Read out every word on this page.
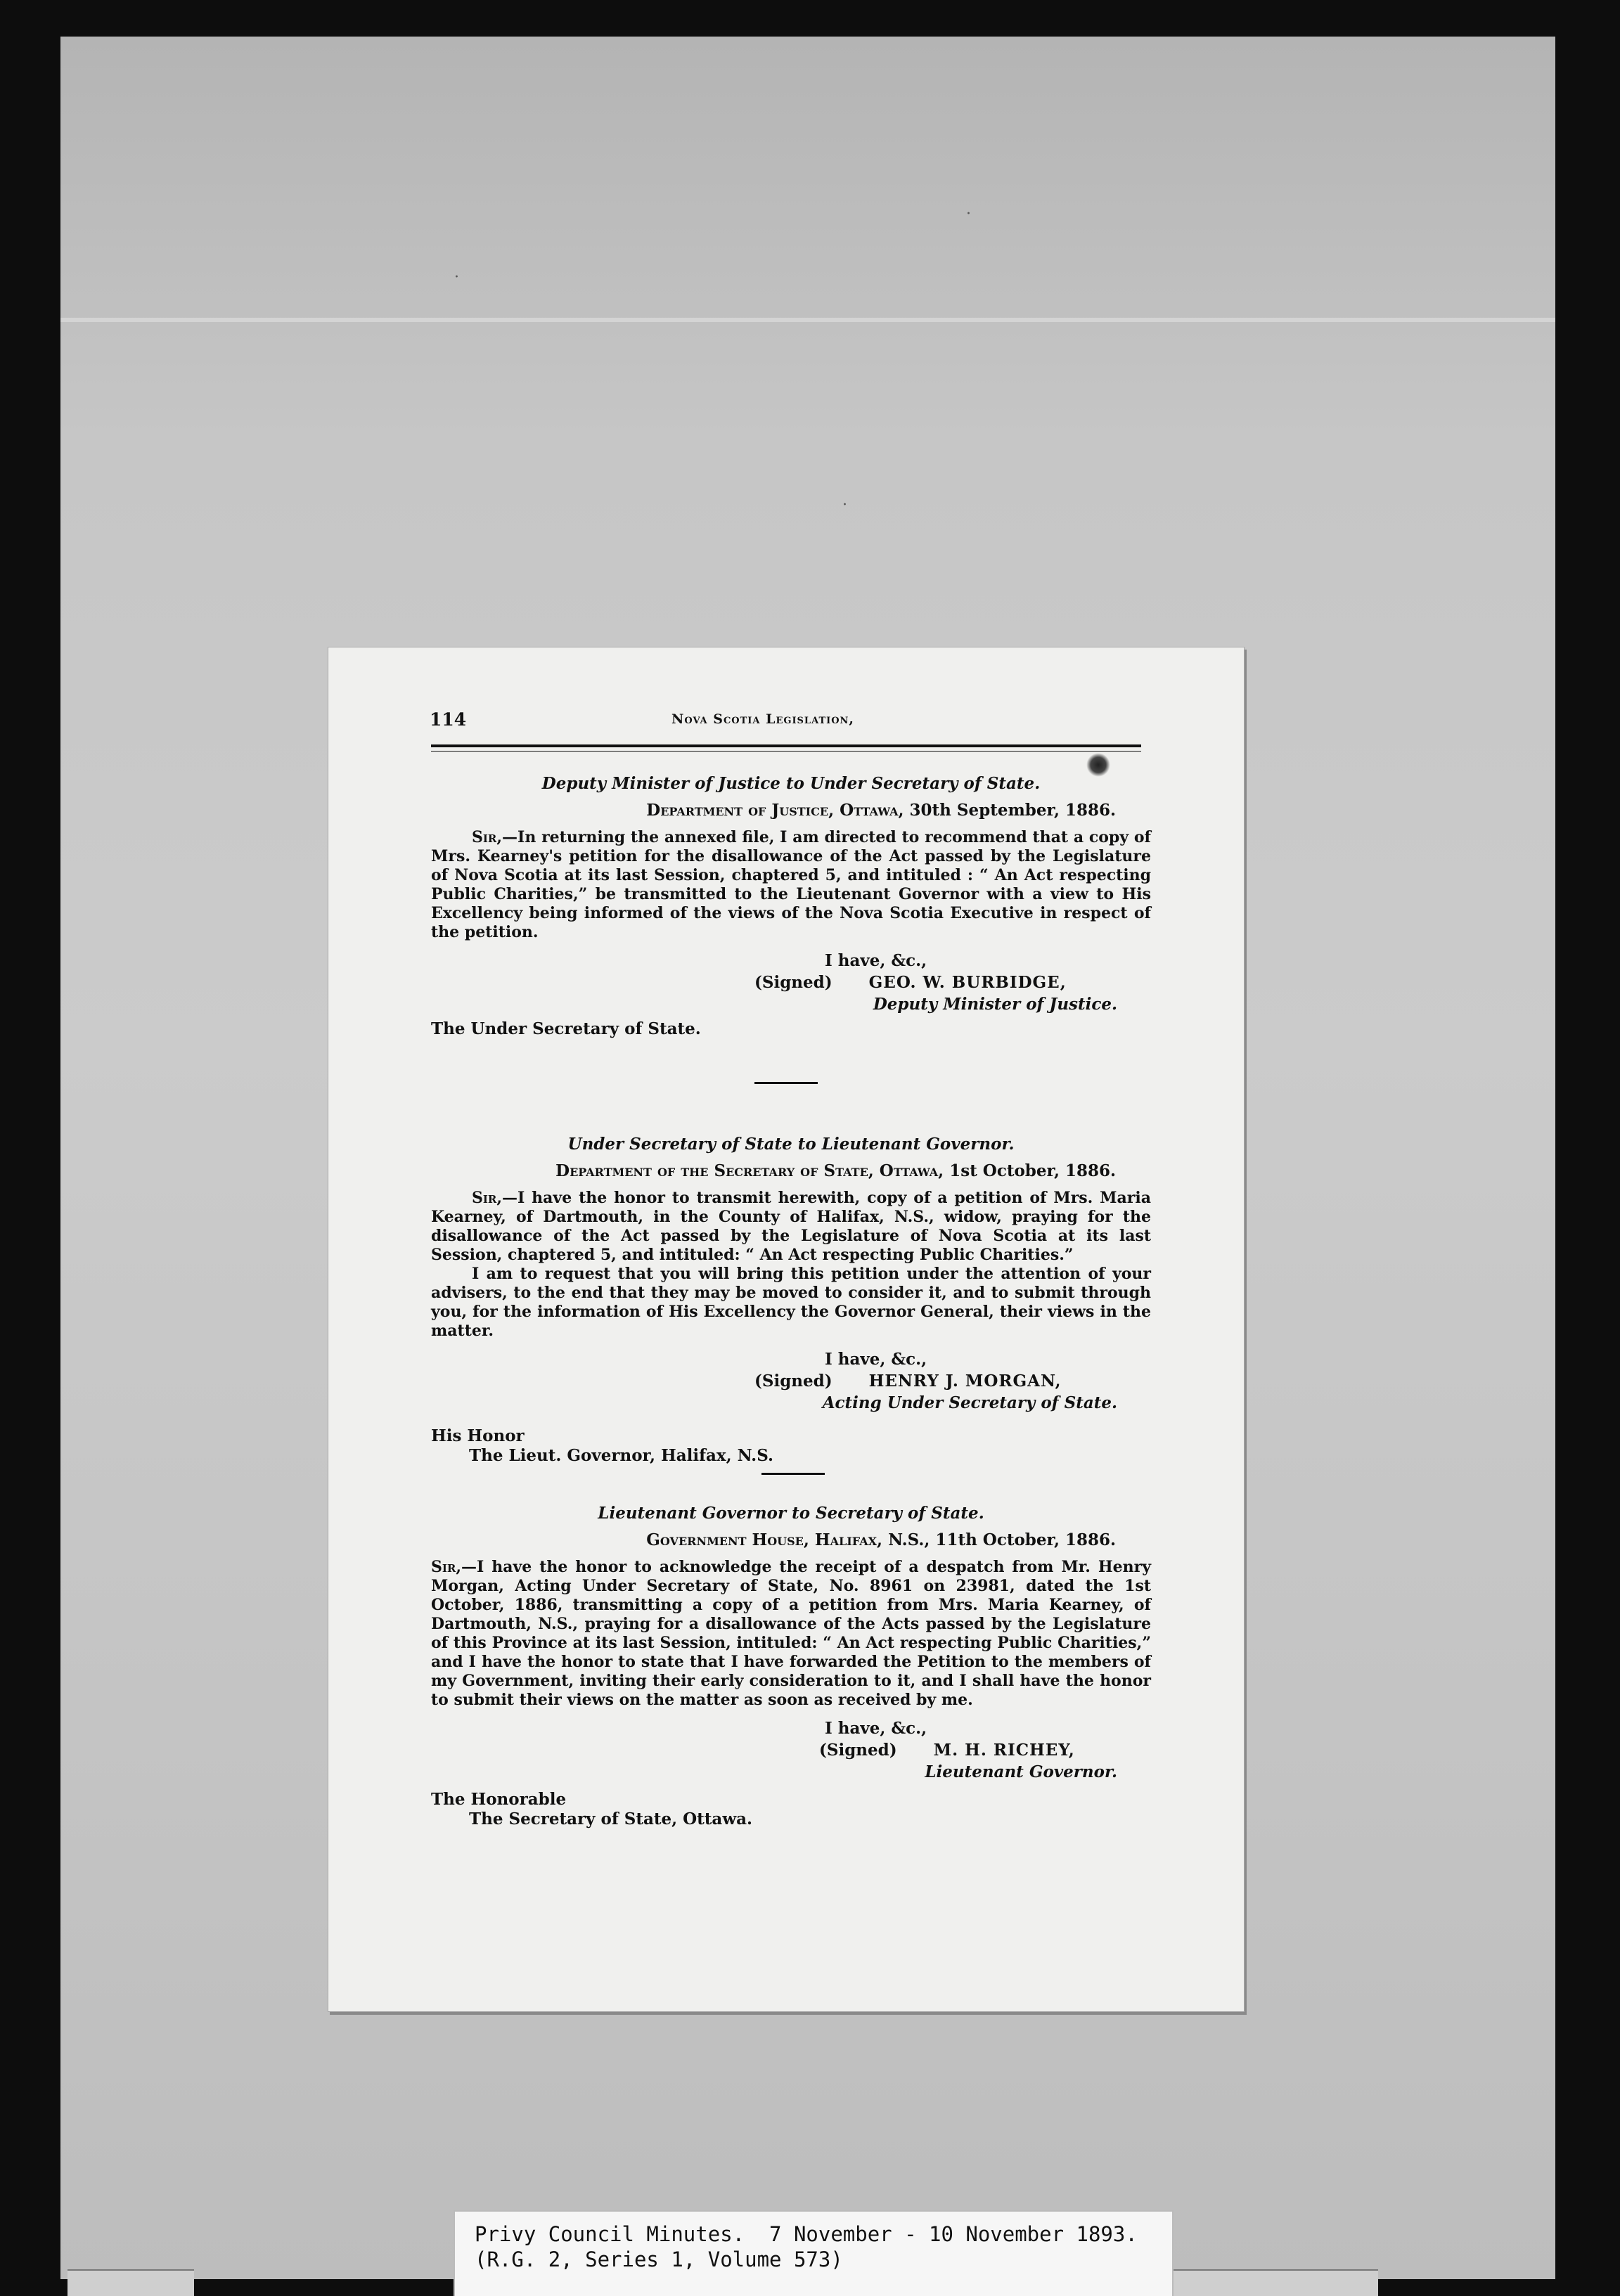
·
·
·
114	Nova Scotia Legislation,
Deputy Minister of Justice to Under Secretary of State.
Department of Justice, Ottawa, 30th September, 1886.

Sir,—In returning the annexed file, I am directed to recommend that a copy of Mrs. Kearney's petition for the disallowance of the Act passed by the Legislature of Nova Scotia at its last Session, chaptered 5, and intituled : “ An Act respecting Public Charities,” be transmitted to the Lieutenant Governor with a view to His Excellency being informed of the views of the Nova Scotia Executive in respect of the petition.

I have, &c.,
(Signed) GEO. W. BURBIDGE,
Deputy Minister of Justice.
The Under Secretary of State.
Under Secretary of State to Lieutenant Governor.
Department of the Secretary of State, Ottawa, 1st October, 1886.

Sir,—I have the honor to transmit herewith, copy of a petition of Mrs. Maria Kearney, of Dartmouth, in the County of Halifax, N.S., widow, praying for the disallowance of the Act passed by the Legislature of Nova Scotia at its last Session, chaptered 5, and intituled: “ An Act respecting Public Charities.”

I am to request that you will bring this petition under the attention of your advisers, to the end that they may be moved to consider it, and to submit through you, for the information of His Excellency the Governor General, their views in the matter.

I have, &c.,
(Signed) HENRY J. MORGAN,
Acting Under Secretary of State.
His Honor
The Lieut. Governor, Halifax, N.S.
Lieutenant Governor to Secretary of State.
Government House, Halifax, N.S., 11th October, 1886.

Sir,—I have the honor to acknowledge the receipt of a despatch from Mr. Henry Morgan, Acting Under Secretary of State, No. 8961 on 23981, dated the 1st October, 1886, transmitting a copy of a petition from Mrs. Maria Kearney, of Dartmouth, N.S., praying for a disallowance of the Acts passed by the Legislature of this Province at its last Session, intituled: “ An Act respecting Public Charities,” and I have the honor to state that I have forwarded the Petition to the members of my Government, inviting their early consideration to it, and I shall have the honor to submit their views on the matter as soon as received by me.

I have, &c.,
(Signed) M. H. RICHEY,
Lieutenant Governor.
The Honorable
The Secretary of State, Ottawa.
Privy Council Minutes.  7 November - 10 November 1893.
(R.G. 2, Series 1, Volume 573)
